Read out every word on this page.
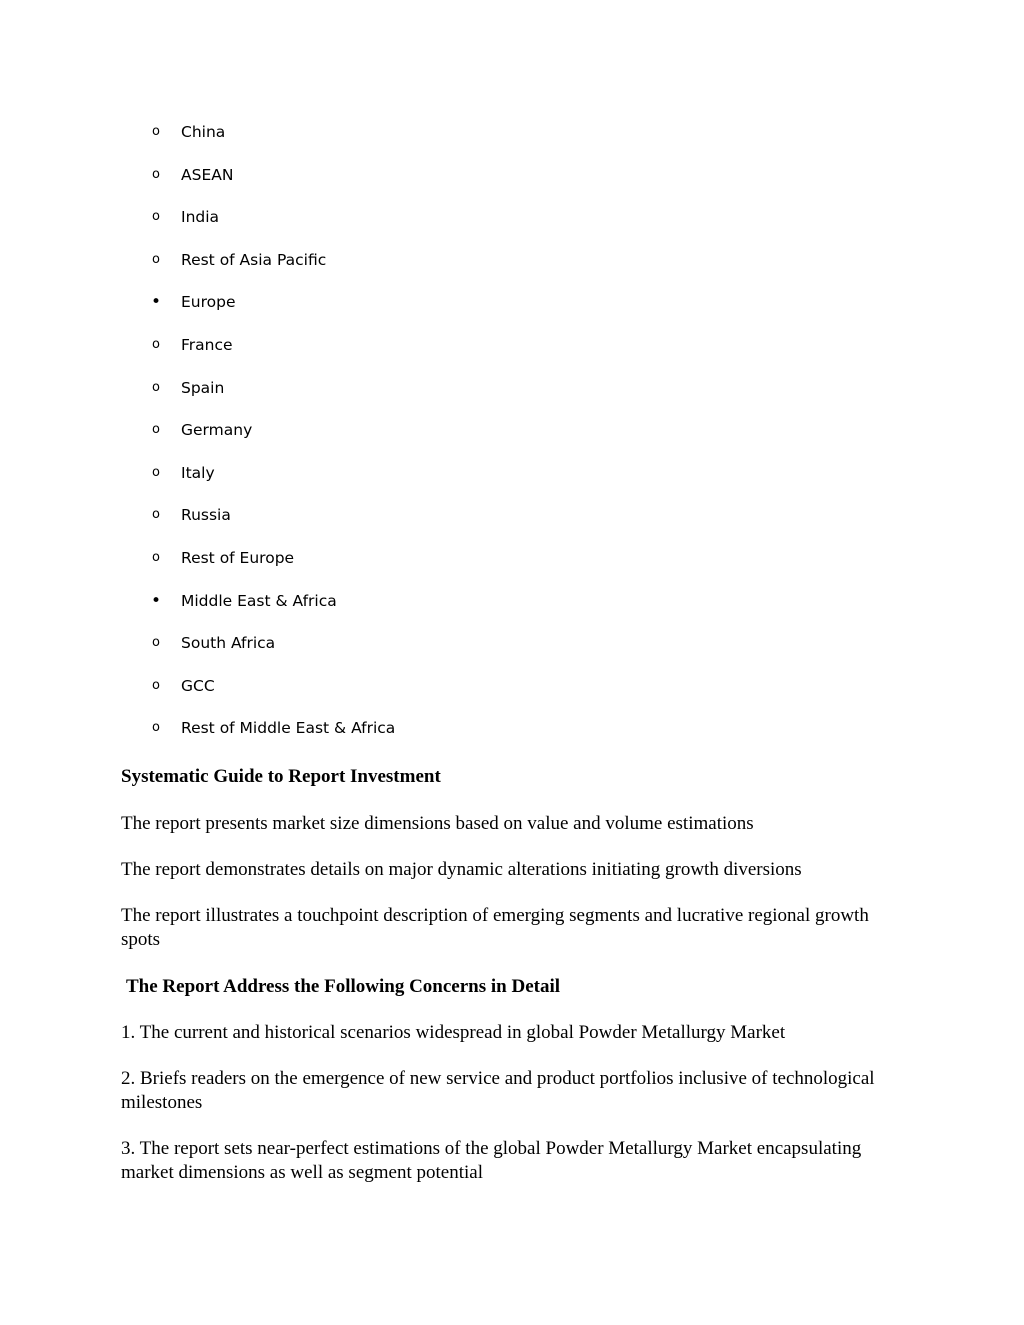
o China
o ASEAN
o India
o Rest of Asia Pacific
• Europe
o France
o Spain
o Germany
o Italy
o Russia
o Rest of Europe
• Middle East & Africa
o South Africa
o GCC
o Rest of Middle East & Africa

Systematic Guide to Report Investment

The report presents market size dimensions based on value and volume estimations

The report demonstrates details on major dynamic alterations initiating growth diversions

The report illustrates a touchpoint description of emerging segments and lucrative regional growth spots

The Report Address the Following Concerns in Detail

1. The current and historical scenarios widespread in global Powder Metallurgy Market

2. Briefs readers on the emergence of new service and product portfolios inclusive of technological milestones

3. The report sets near-perfect estimations of the global Powder Metallurgy Market encapsulating market dimensions as well as segment potential
